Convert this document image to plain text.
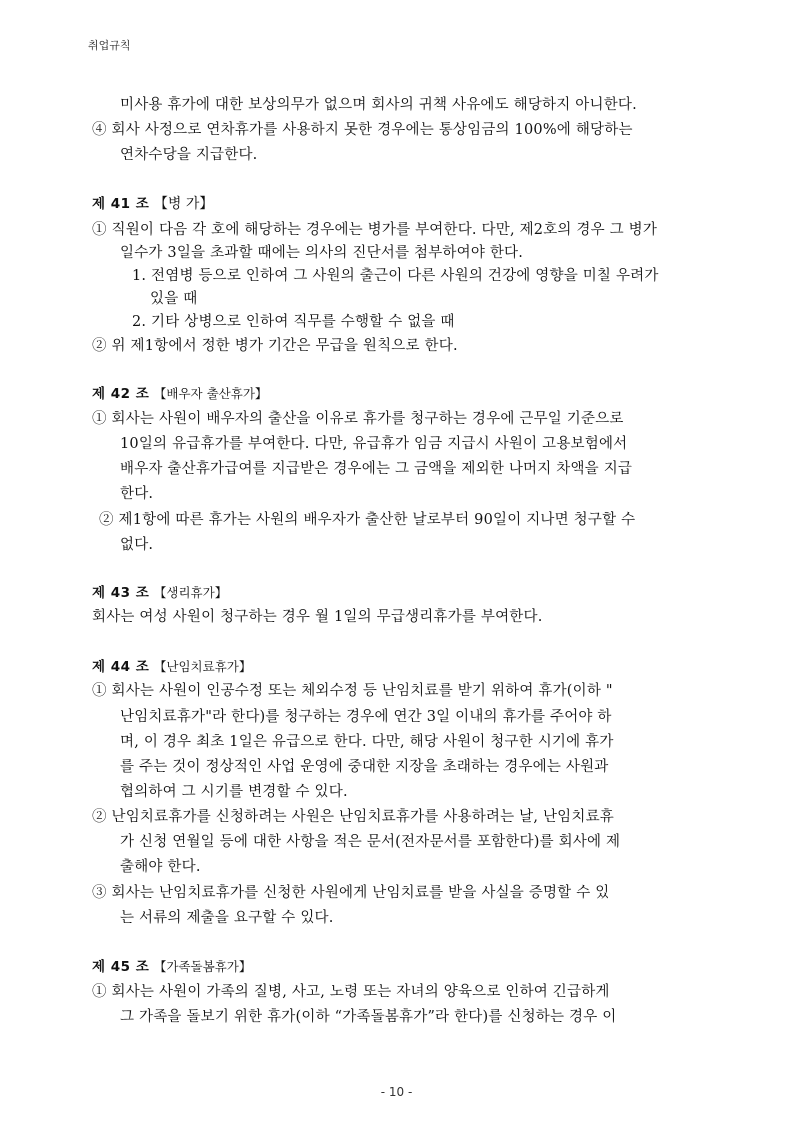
취업규칙
미사용 휴가에 대한 보상의무가 없으며 회사의 귀책 사유에도 해당하지 아니한다.
④ 회사 사정으로 연차휴가를 사용하지 못한 경우에는 통상임금의 100%에 해당하는
연차수당을 지급한다.
제 41 조 【병 가】
① 직원이 다음 각 호에 해당하는 경우에는 병가를 부여한다. 다만, 제2호의 경우 그 병가
일수가 3일을 초과할 때에는 의사의 진단서를 첨부하여야 한다.
1. 전염병 등으로 인하여 그 사원의 출근이 다른 사원의 건강에 영향을 미칠 우려가
있을 때
2. 기타 상병으로 인하여 직무를 수행할 수 없을 때
② 위 제1항에서 정한 병가 기간은 무급을 원칙으로 한다.
제 42 조 【배우자 출산휴가】
① 회사는 사원이 배우자의 출산을 이유로 휴가를 청구하는 경우에 근무일 기준으로
10일의 유급휴가를 부여한다. 다만, 유급휴가 임금 지급시 사원이 고용보험에서
배우자 출산휴가급여를 지급받은 경우에는 그 금액을 제외한 나머지 차액을 지급
한다.
② 제1항에 따른 휴가는 사원의 배우자가 출산한 날로부터 90일이 지나면 청구할 수
없다.
제 43 조 【생리휴가】
회사는 여성 사원이 청구하는 경우 월 1일의 무급생리휴가를 부여한다.
제 44 조 【난임치료휴가】
① 회사는 사원이 인공수정 또는 체외수정 등 난임치료를 받기 위하여 휴가(이하 "
난임치료휴가"라 한다)를 청구하는 경우에 연간 3일 이내의 휴가를 주어야 하
며, 이 경우 최초 1일은 유급으로 한다. 다만, 해당 사원이 청구한 시기에 휴가
를 주는 것이 정상적인 사업 운영에 중대한 지장을 초래하는 경우에는 사원과
협의하여 그 시기를 변경할 수 있다.
② 난임치료휴가를 신청하려는 사원은 난임치료휴가를 사용하려는 날, 난임치료휴
가 신청 연월일 등에 대한 사항을 적은 문서(전자문서를 포함한다)를 회사에 제
출해야 한다.
③ 회사는 난임치료휴가를 신청한 사원에게 난임치료를 받을 사실을 증명할 수 있
는 서류의 제출을 요구할 수 있다.
제 45 조 【가족돌봄휴가】
① 회사는 사원이 가족의 질병, 사고, 노령 또는 자녀의 양육으로 인하여 긴급하게
그 가족을 돌보기 위한 휴가(이하 “가족돌봄휴가”라 한다)를 신청하는 경우 이
- 10 -
